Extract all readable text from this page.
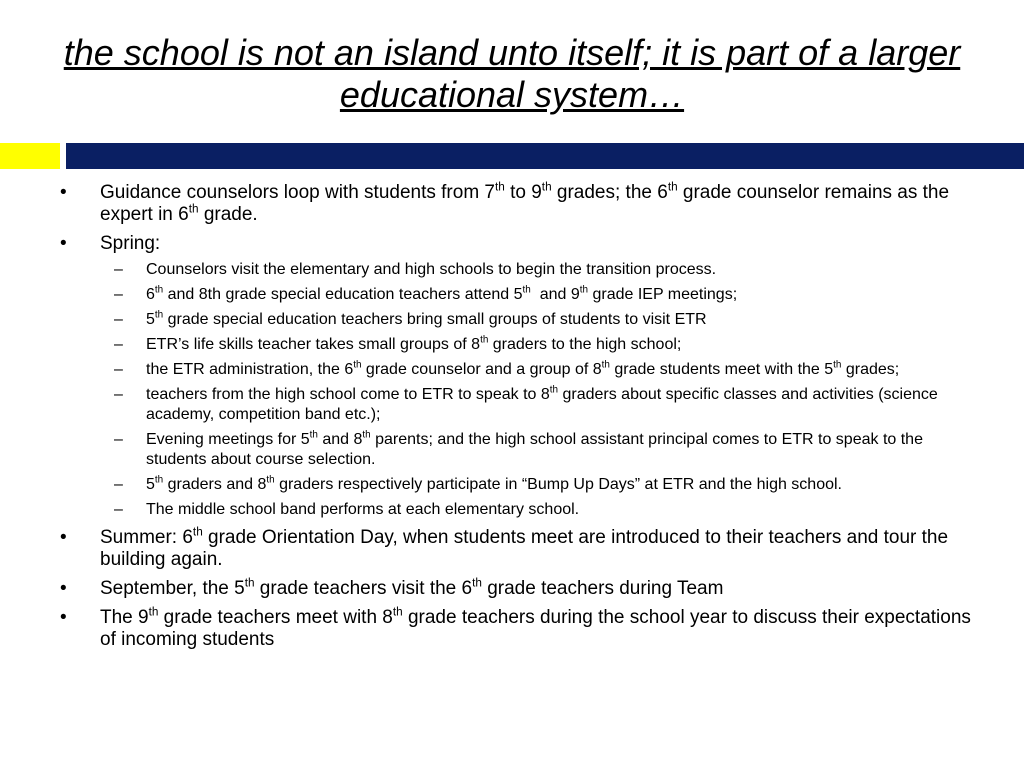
the school is not an island unto itself; it is part of a larger educational system…
• Guidance counselors loop with students from 7th to 9th grades; the 6th grade counselor remains as the expert in 6th grade.
• Spring:
–	Counselors visit the elementary and high schools to begin the transition process.
–	6th and 8th grade special education teachers attend 5th  and 9th grade IEP meetings;
–	5th grade special education teachers bring small groups of students to visit ETR
–	ETR’s life skills teacher takes small groups of 8th graders to the high school;
–	the ETR administration, the 6th grade counselor and a group of 8th grade students meet with the 5th grades;
–	teachers from the high school come to ETR to speak to 8th graders about specific classes and activities (science academy, competition band etc.);
–	Evening meetings for 5th and 8th parents; and the high school assistant principal comes to ETR to speak to the students about course selection.
–	5th graders and 8th graders respectively participate in “Bump Up Days” at ETR and the high school.
–	The middle school band performs at each elementary school.
• Summer: 6th grade Orientation Day, when students meet are introduced to their teachers and tour the building again.
• September, the 5th grade teachers visit the 6th grade teachers during Team
• The 9th grade teachers meet with 8th grade teachers during the school year to discuss their expectations of incoming students
